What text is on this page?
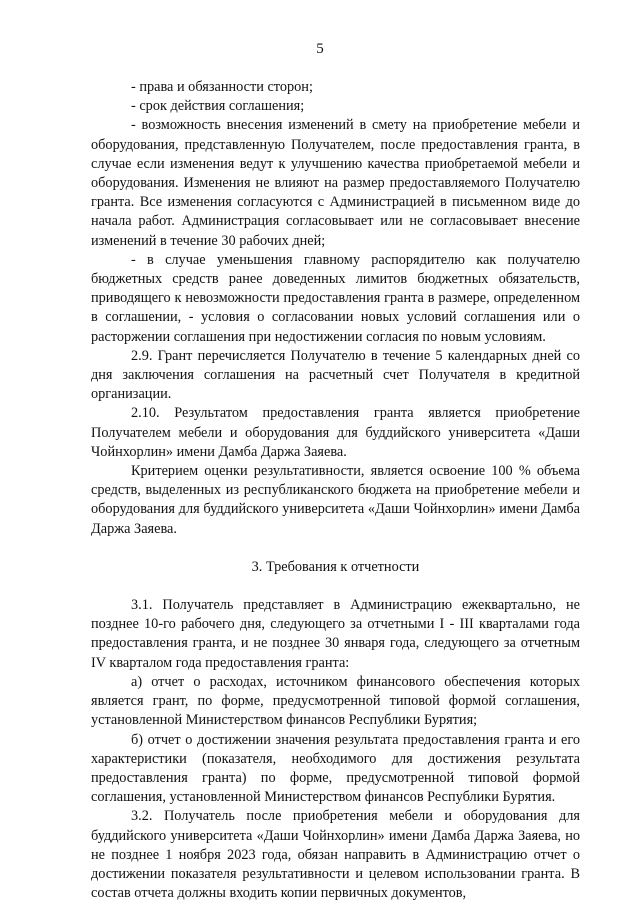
5

- права и обязанности сторон;

- срок действия соглашения;

- возможность внесения изменений в смету на приобретение мебели и оборудования, представленную Получателем, после предоставления гранта, в случае если изменения ведут к улучшению качества приобретаемой мебели и оборудования. Изменения не влияют на размер предоставляемого Получателю гранта. Все изменения согласуются с Администрацией в письменном виде до начала работ. Администрация согласовывает или не согласовывает внесение изменений в течение 30 рабочих дней;

- в случае уменьшения главному распорядителю как получателю бюджетных средств ранее доведенных лимитов бюджетных обязательств, приводящего к невозможности предоставления гранта в размере, определенном в соглашении, - условия о согласовании новых условий соглашения или о расторжении соглашения при недостижении согласия по новым условиям.

2.9. Грант перечисляется Получателю в течение 5 календарных дней со дня заключения соглашения на расчетный счет Получателя в кредитной организации.

2.10. Результатом предоставления гранта является приобретение Получателем мебели и оборудования для буддийского университета «Даши Чойнхорлин» имени Дамба Даржа Заяева.

Критерием оценки результативности, является освоение 100 % объема средств, выделенных из республиканского бюджета на приобретение мебели и оборудования для буддийского университета «Даши Чойнхорлин» имени Дамба Даржа Заяева.

3. Требования к отчетности

3.1. Получатель представляет в Администрацию ежеквартально, не позднее 10-го рабочего дня, следующего за отчетными I - III кварталами года предоставления гранта, и не позднее 30 января года, следующего за отчетным IV кварталом года предоставления гранта:

а) отчет о расходах, источником финансового обеспечения которых является грант, по форме, предусмотренной типовой формой соглашения, установленной Министерством финансов Республики Бурятия;

б) отчет о достижении значения результата предоставления гранта и его характеристики (показателя, необходимого для достижения результата предоставления гранта) по форме, предусмотренной типовой формой соглашения, установленной Министерством финансов Республики Бурятия.

3.2. Получатель после приобретения мебели и оборудования для буддийского университета «Даши Чойнхорлин» имени Дамба Даржа Заяева, но не позднее 1 ноября 2023 года, обязан направить в Администрацию отчет о достижении показателя результативности и целевом использовании гранта. В состав отчета должны входить копии первичных документов,
